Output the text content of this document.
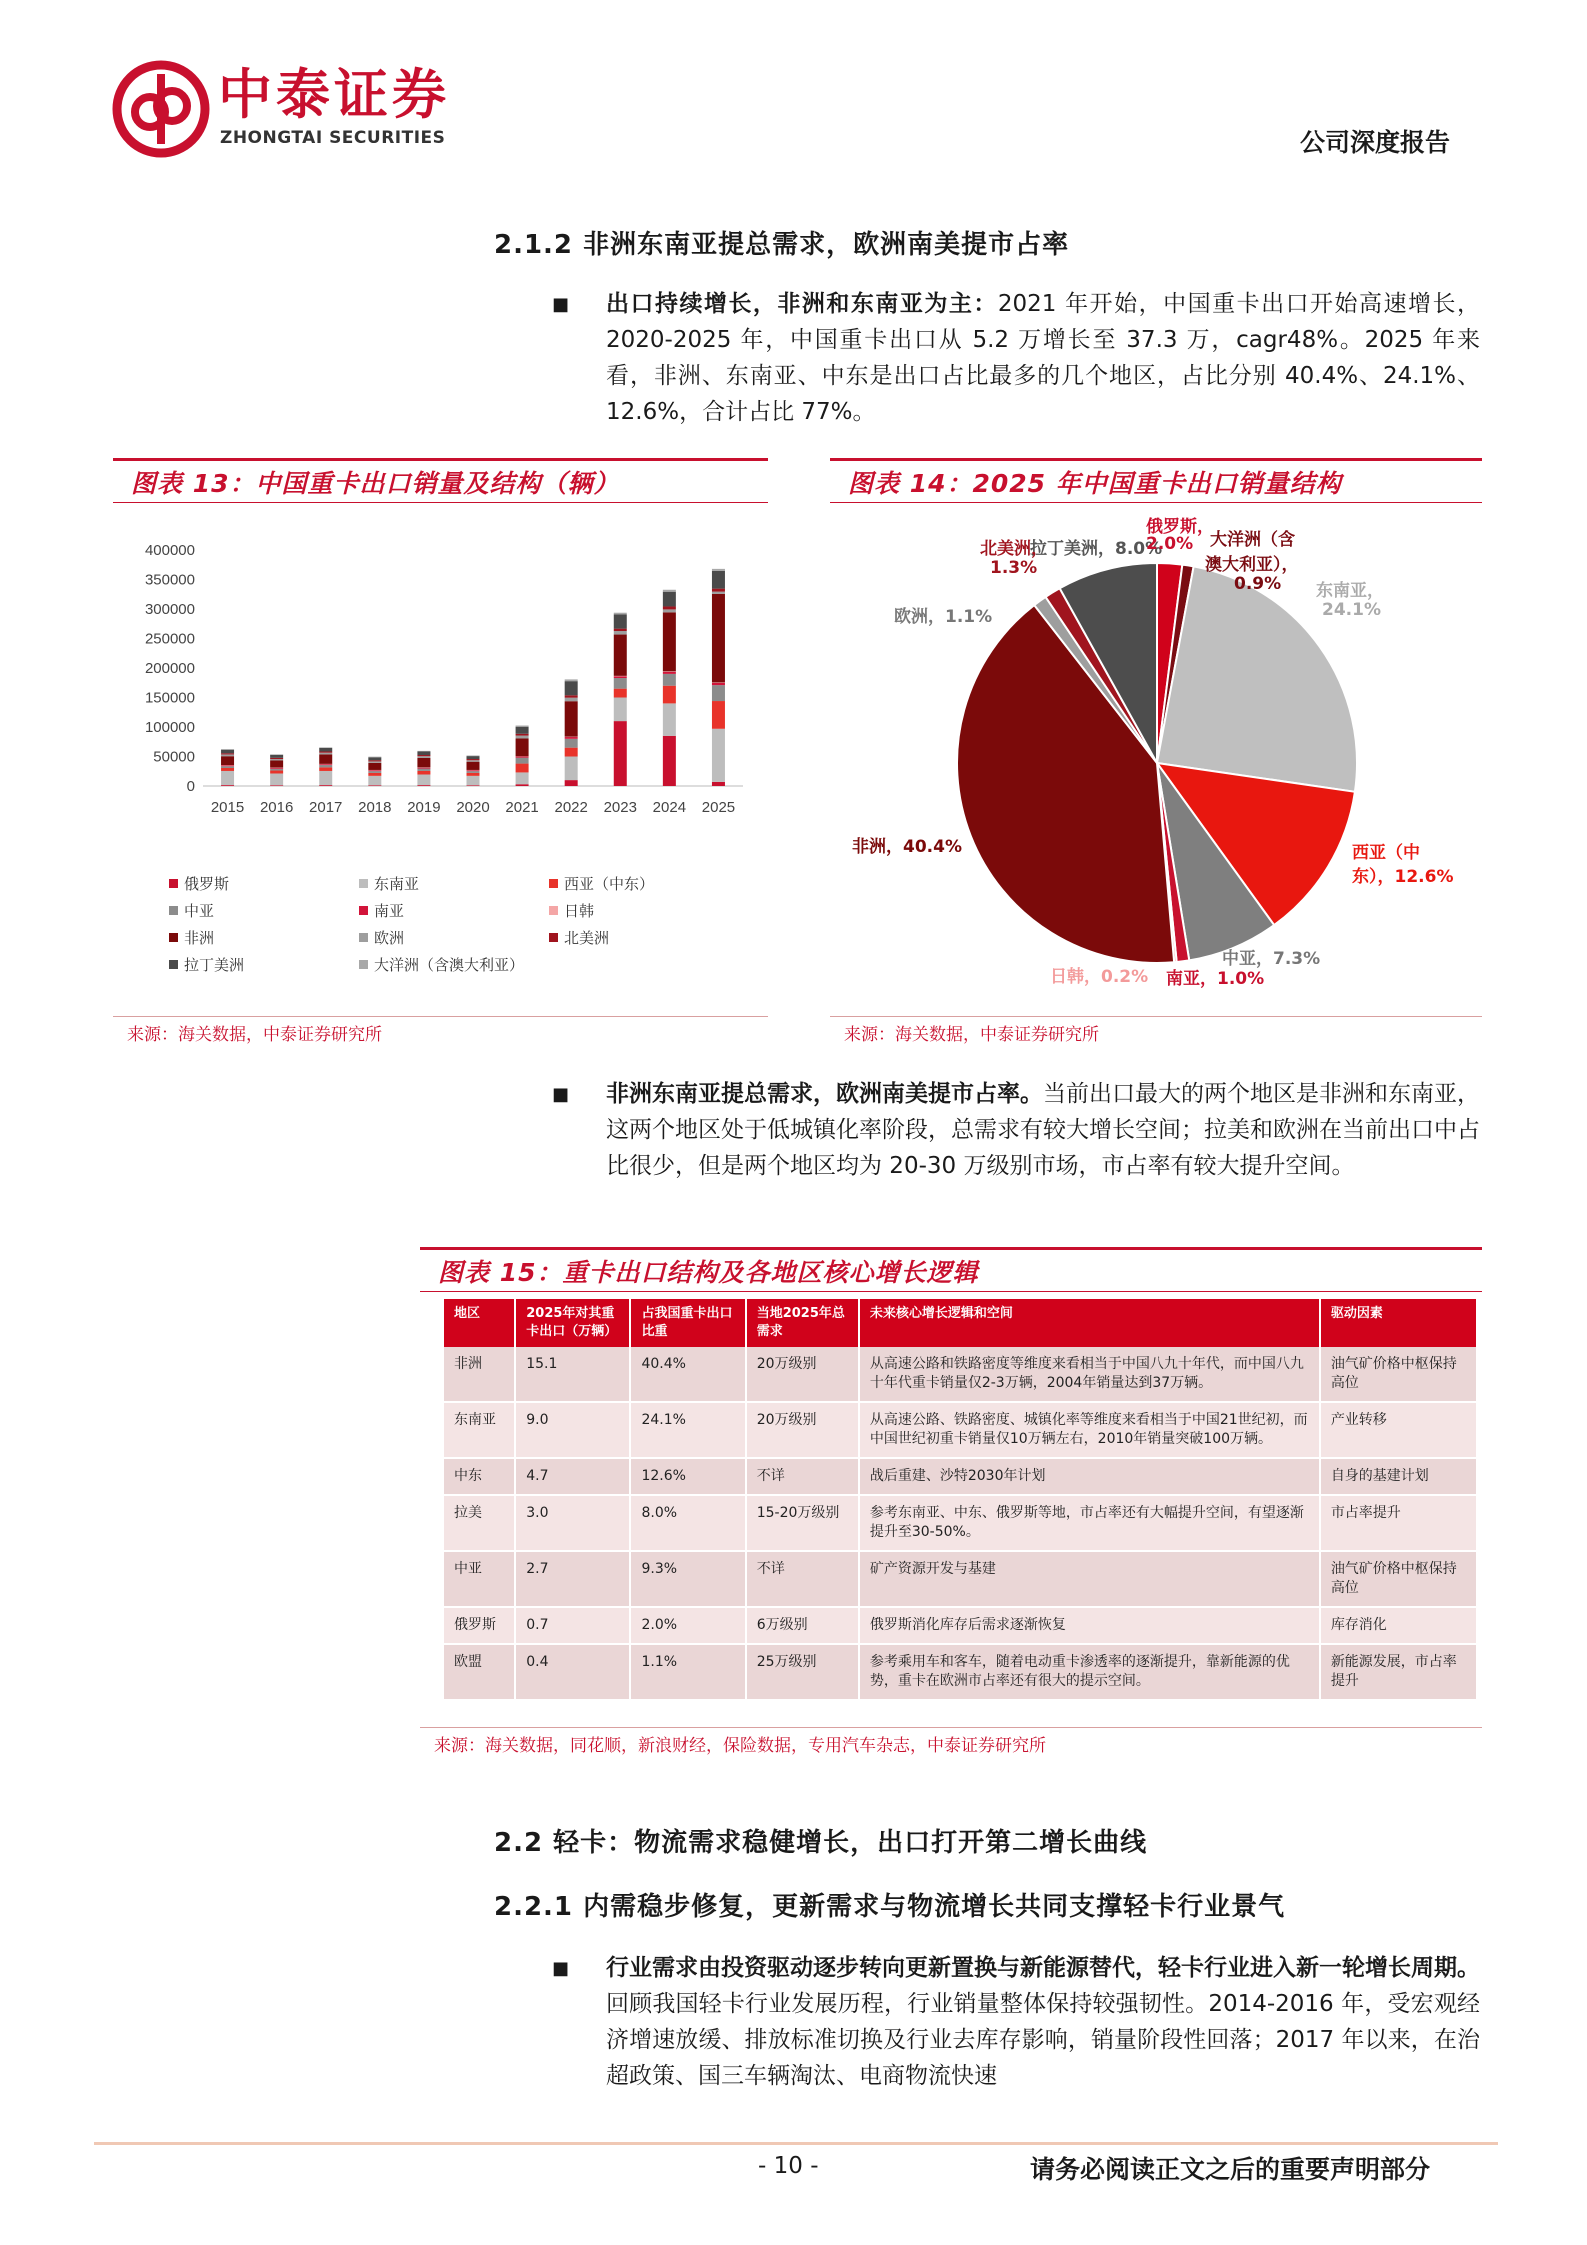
中泰证券
ZHONGTAI SECURITIES	公司深度报告
2.1.2 非洲东南亚提总需求，欧洲南美提市占率
■ 出口持续增长，非洲和东南亚为主：2021 年开始，中国重卡出口开始高速增长，2020-2025 年，中国重卡出口从 5.2 万增长至 37.3 万，cagr48%。2025 年来看，非洲、东南亚、中东是出口占比最多的几个地区，占比分别 40.4%、24.1%、12.6%，合计占比 77%。
图表 13：中国重卡出口销量及结构（辆）
400000
350000
300000
250000
200000
150000
100000
50000
0
2015 2016 2017 2018 2019 2020 2021 2022 2023 2024 2025
俄罗斯	东南亚	西亚（中东）
中亚	南亚	日韩
非洲	欧洲	北美洲
拉丁美洲	大洋洲（含澳大利亚）
来源：海关数据，中泰证券研究所
图表 14：2025 年中国重卡出口销量结构
拉丁美洲，8.0%
俄罗斯，
2.0% 大洋洲（含
澳大利亚），
0.9%
北美洲，
1.3%
欧洲，1.1%
东南亚，
24.1%
非洲，40.4%	西亚（中
东），12.6%
中亚，7.3%
日韩，0.2% 南亚，1.0%
来源：海关数据，中泰证券研究所
■ 非洲东南亚提总需求，欧洲南美提市占率。当前出口最大的两个地区是非洲和东南亚，这两个地区处于低城镇化率阶段，总需求有较大增长空间；拉美和欧洲在当前出口中占比很少，但是两个地区均为 20-30 万级别市场，市占率有较大提升空间。
图表 15：重卡出口结构及各地区核心增长逻辑
地区	2025年对其重卡出口（万辆）	占我国重卡出口比重	当地2025年总需求	未来核心增长逻辑和空间	驱动因素
非洲	15.1	40.4%	20万级别	从高速公路和铁路密度等维度来看相当于中国八九十年代，而中国八九十年代重卡销量仅2-3万辆，2004年销量达到37万辆。	油气矿价格中枢保持高位
东南亚	9.0	24.1%	20万级别	从高速公路、铁路密度、城镇化率等维度来看相当于中国21世纪初，而中国世纪初重卡销量仅10万辆左右，2010年销量突破100万辆。	产业转移
中东	4.7	12.6%	不详	战后重建、沙特2030年计划	自身的基建计划
拉美	3.0	8.0%	15-20万级别	参考东南亚、中东、俄罗斯等地，市占率还有大幅提升空间，有望逐渐提升至30-50%。	市占率提升
中亚	2.7	9.3%	不详	矿产资源开发与基建	油气矿价格中枢保持高位
俄罗斯	0.7	2.0%	6万级别	俄罗斯消化库存后需求逐渐恢复	库存消化
欧盟	0.4	1.1%	25万级别	参考乘用车和客车，随着电动重卡渗透率的逐渐提升，靠新能源的优势，重卡在欧洲市占率还有很大的提示空间。	新能源发展，市占率提升
来源：海关数据，同花顺，新浪财经，保险数据，专用汽车杂志，中泰证券研究所
2.2 轻卡：物流需求稳健增长，出口打开第二增长曲线
2.2.1 内需稳步修复，更新需求与物流增长共同支撑轻卡行业景气
■ 行业需求由投资驱动逐步转向更新置换与新能源替代，轻卡行业进入新一轮增长周期。回顾我国轻卡行业发展历程，行业销量整体保持较强韧性。2014-2016 年，受宏观经济增速放缓、排放标准切换及行业去库存影响，销量阶段性回落；2017 年以来，在治超政策、国三车辆淘汰、电商物流快速
- 10 -	请务必阅读正文之后的重要声明部分
